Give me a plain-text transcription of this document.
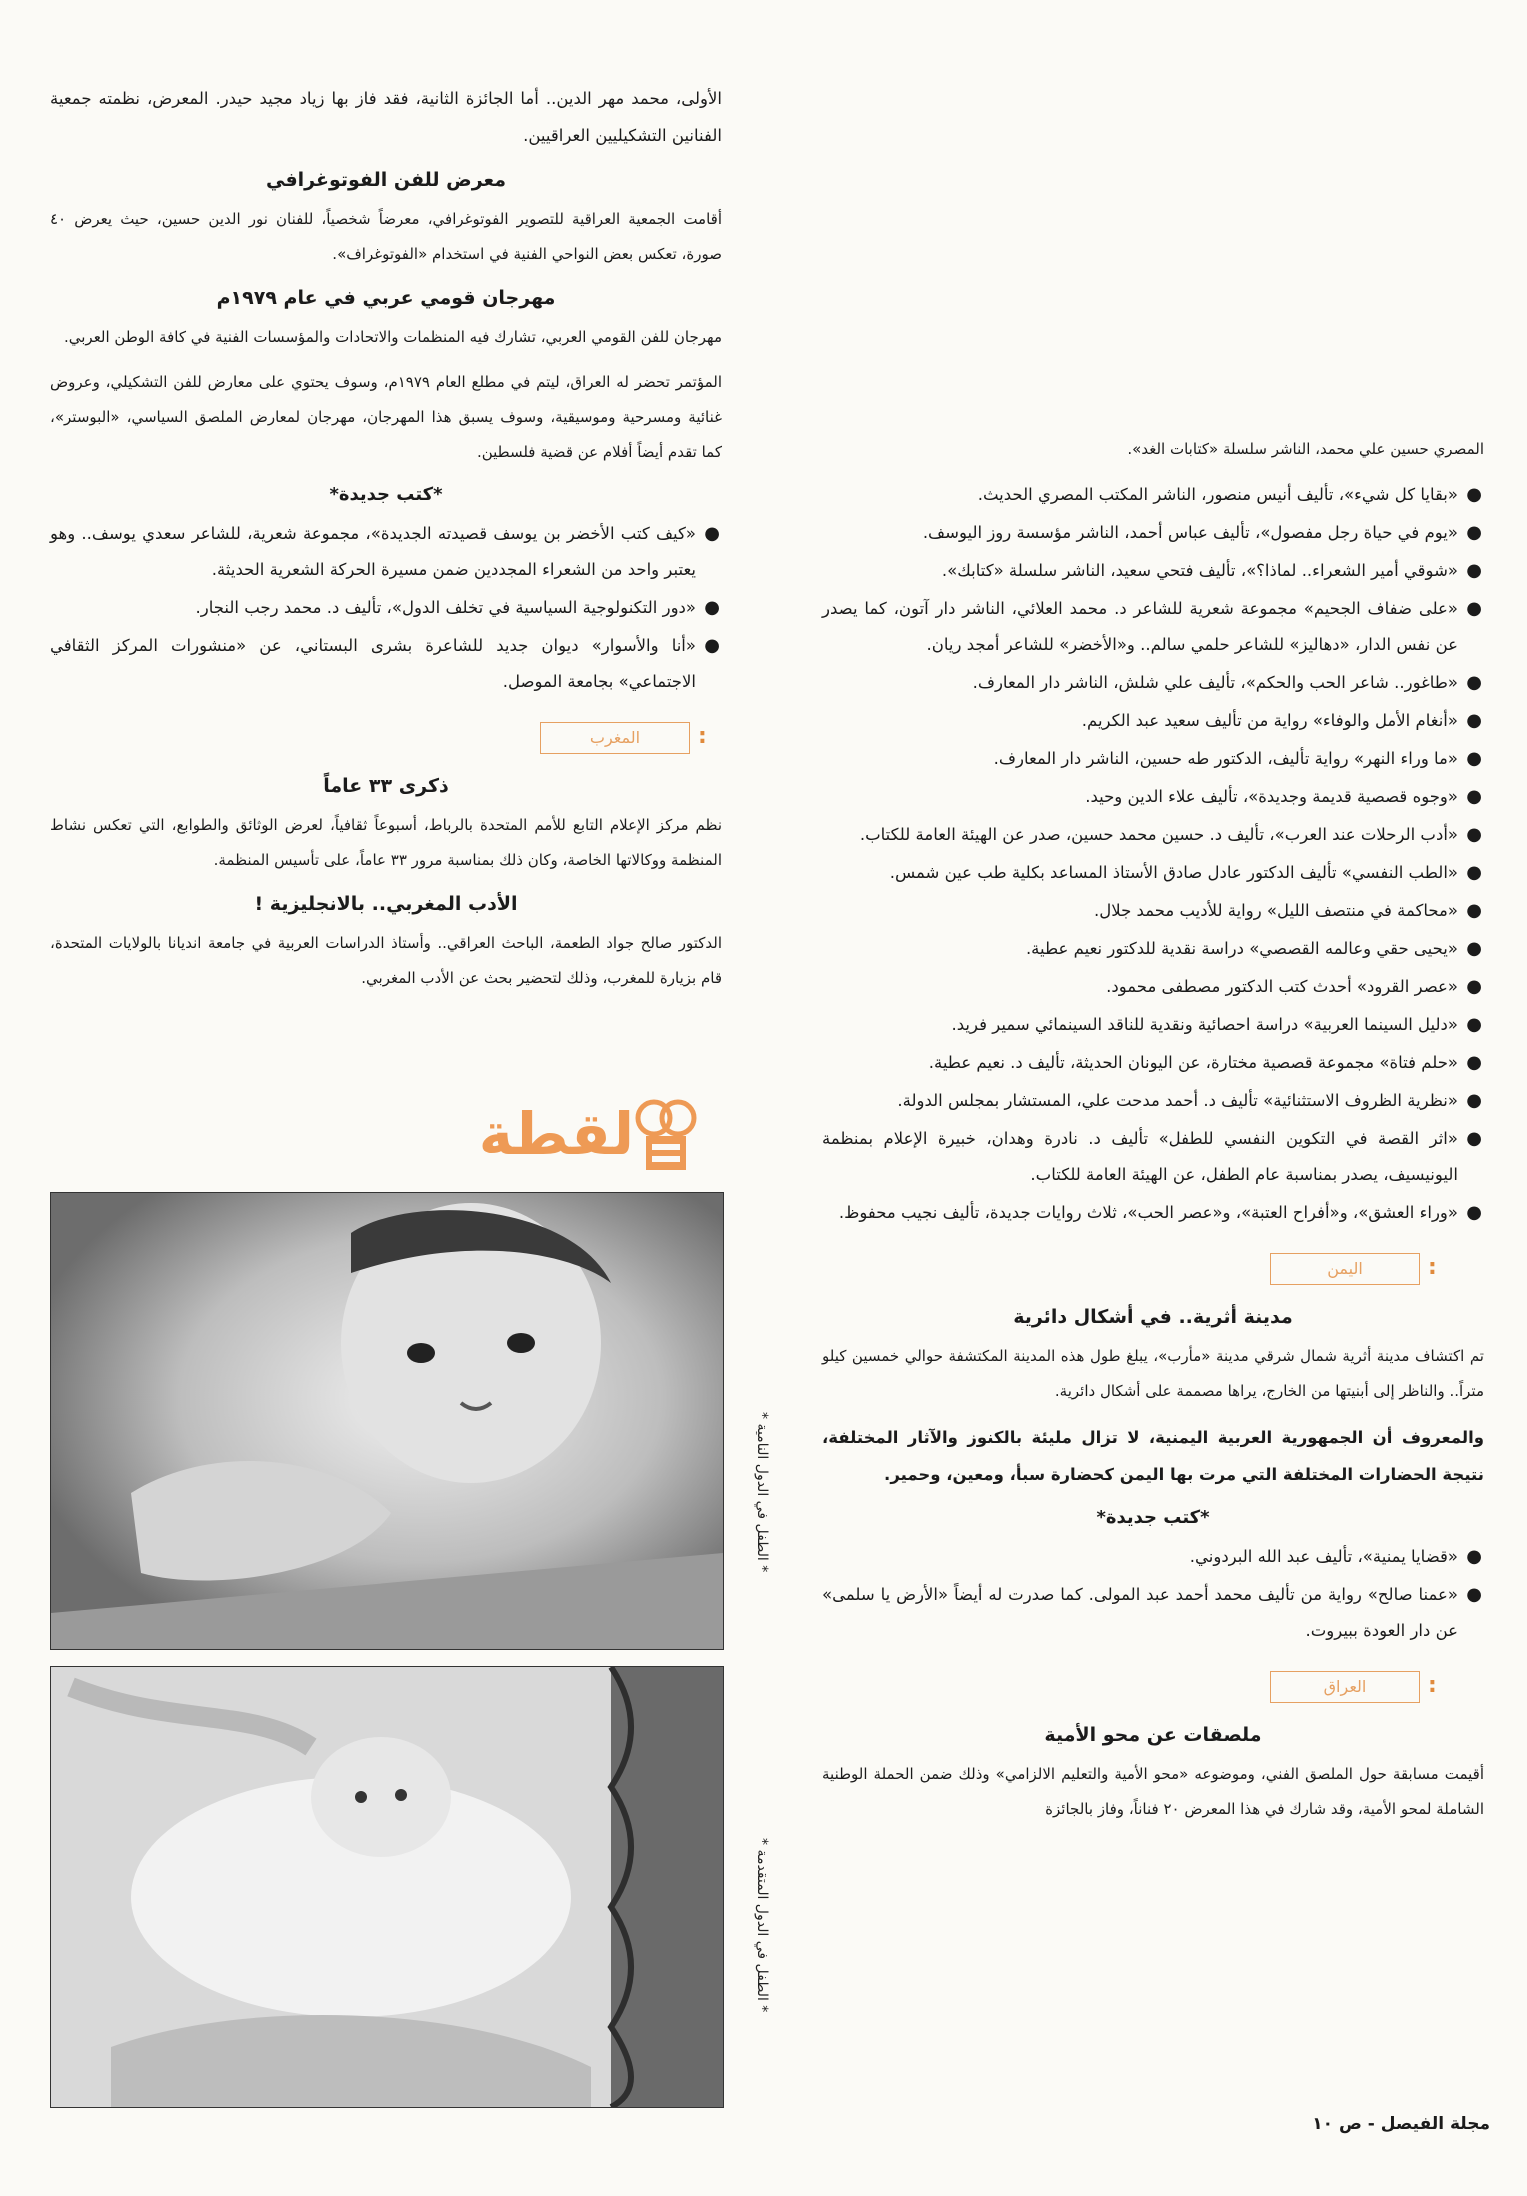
الأولى، محمد مهر الدين.. أما الجائزة الثانية، فقد فاز بها زياد مجيد حيدر. المعرض، نظمته جمعية الفنانين التشكيليين العراقيين.

معرض للفن الفوتوغرافي

أقامت الجمعية العراقية للتصوير الفوتوغرافي، معرضاً شخصياً، للفنان نور الدين حسين، حيث يعرض ٤٠ صورة، تعكس بعض النواحي الفنية في استخدام «الفوتوغراف».

مهرجان قومي عربي في عام ١٩٧٩م

مهرجان للفن القومي العربي، تشارك فيه المنظمات والاتحادات والمؤسسات الفنية في كافة الوطن العربي.

المؤتمر تحضر له العراق، ليتم في مطلع العام ١٩٧٩م، وسوف يحتوي على معارض للفن التشكيلي، وعروض غنائية ومسرحية وموسيقية، وسوف يسبق هذا المهرجان، مهرجان لمعارض الملصق السياسي، «البوستر»، كما تقدم أيضاً أفلام عن قضية فلسطين.

*كتب جديدة*
●
«كيف كتب الأخضر بن يوسف قصيدته الجديدة»، مجموعة شعرية، للشاعر سعدي يوسف.. وهو يعتبر واحد من الشعراء المجددين ضمن مسيرة الحركة الشعرية الحديثة.
●
«دور التكنولوجية السياسية في تخلف الدول»، تأليف د. محمد رجب النجار.
●
«أنا والأسوار» ديوان جديد للشاعرة بشرى البستاني، عن «منشورات المركز الثقافي الاجتماعي» بجامعة الموصل.
المغرب	:
ذكرى ٣٣ عاماً

نظم مركز الإعلام التابع للأمم المتحدة بالرباط، أسبوعاً ثقافياً، لعرض الوثائق والطوابع، التي تعكس نشاط المنظمة ووكالاتها الخاصة، وكان ذلك بمناسبة مرور ٣٣ عاماً، على تأسيس المنظمة.

الأدب المغربي.. بالانجليزية !

الدكتور صالح جواد الطعمة، الباحث العراقي.. وأستاذ الدراسات العربية في جامعة انديانا بالولايات المتحدة، قام بزيارة للمغرب، وذلك لتحضير بحث عن الأدب المغربي.

لقطة
* الطفل في الدول النامية *
* الطفل في الدول المتقدمة *

المصري حسين علي محمد، الناشر سلسلة «كتابات الغد».

●
«بقايا كل شيء»، تأليف أنيس منصور، الناشر المكتب المصري الحديث.
●
«يوم في حياة رجل مفصول»، تأليف عباس أحمد، الناشر مؤسسة روز اليوسف.
●
«شوقي أمير الشعراء.. لماذا؟»، تأليف فتحي سعيد، الناشر سلسلة «كتابك».
●
«على ضفاف الجحيم» مجموعة شعرية للشاعر د. محمد العلائي، الناشر دار آتون، كما يصدر عن نفس الدار، «دهاليز» للشاعر حلمي سالم.. و«الأخضر» للشاعر أمجد ريان.
●
«طاغور.. شاعر الحب والحكم»، تأليف علي شلش، الناشر دار المعارف.
●
«أنغام الأمل والوفاء» رواية من تأليف سعيد عبد الكريم.
●
«ما وراء النهر» رواية تأليف، الدكتور طه حسين، الناشر دار المعارف.
●
«وجوه قصصية قديمة وجديدة»، تأليف علاء الدين وحيد.
●
«أدب الرحلات عند العرب»، تأليف د. حسين محمد حسين، صدر عن الهيئة العامة للكتاب.
●
«الطب النفسي» تأليف الدكتور عادل صادق الأستاذ المساعد بكلية طب عين شمس.
●
«محاكمة في منتصف الليل» رواية للأديب محمد جلال.
●
«يحيى حقي وعالمه القصصي» دراسة نقدية للدكتور نعيم عطية.
●
«عصر القرود» أحدث كتب الدكتور مصطفى محمود.
●
«دليل السينما العربية» دراسة احصائية ونقدية للناقد السينمائي سمير فريد.
●
«حلم فتاة» مجموعة قصصية مختارة، عن اليونان الحديثة، تأليف د. نعيم عطية.
●
«نظرية الظروف الاستثنائية» تأليف د. أحمد مدحت علي، المستشار بمجلس الدولة.
●
«اثر القصة في التكوين النفسي للطفل» تأليف د. نادرة وهدان، خبيرة الإعلام بمنظمة اليونيسيف، يصدر بمناسبة عام الطفل، عن الهيئة العامة للكتاب.
●
«وراء العشق»، و«أفراح العتبة»، و«عصر الحب»، ثلاث روايات جديدة، تأليف نجيب محفوظ.
اليمن	:
مدينة أثرية.. في أشكال دائرية

تم اكتشاف مدينة أثرية شمال شرقي مدينة «مأرب»، يبلغ طول هذه المدينة المكتشفة حوالي خمسين كيلو متراً.. والناظر إلى أبنيتها من الخارج، يراها مصممة على أشكال دائرية.

والمعروف أن الجمهورية العربية اليمنية، لا تزال مليئة بالكنوز والآثار المختلفة، نتيجة الحضارات المختلفة التي مرت بها اليمن كحضارة سبأ، ومعين، وحمير.

*كتب جديدة*
●
«قضايا يمنية»، تأليف عبد الله البردوني.
●
«عمنا صالح» رواية من تأليف محمد أحمد عبد المولى. كما صدرت له أيضاً «الأرض يا سلمى» عن دار العودة ببيروت.
العراق	:
ملصقات عن محو الأمية

أقيمت مسابقة حول الملصق الفني، وموضوعه «محو الأمية والتعليم الالزامي» وذلك ضمن الحملة الوطنية الشاملة لمحو الأمية، وقد شارك في هذا المعرض ٢٠ فناناً، وفاز بالجائزة

مجلة الفيصل - ص ١٠
